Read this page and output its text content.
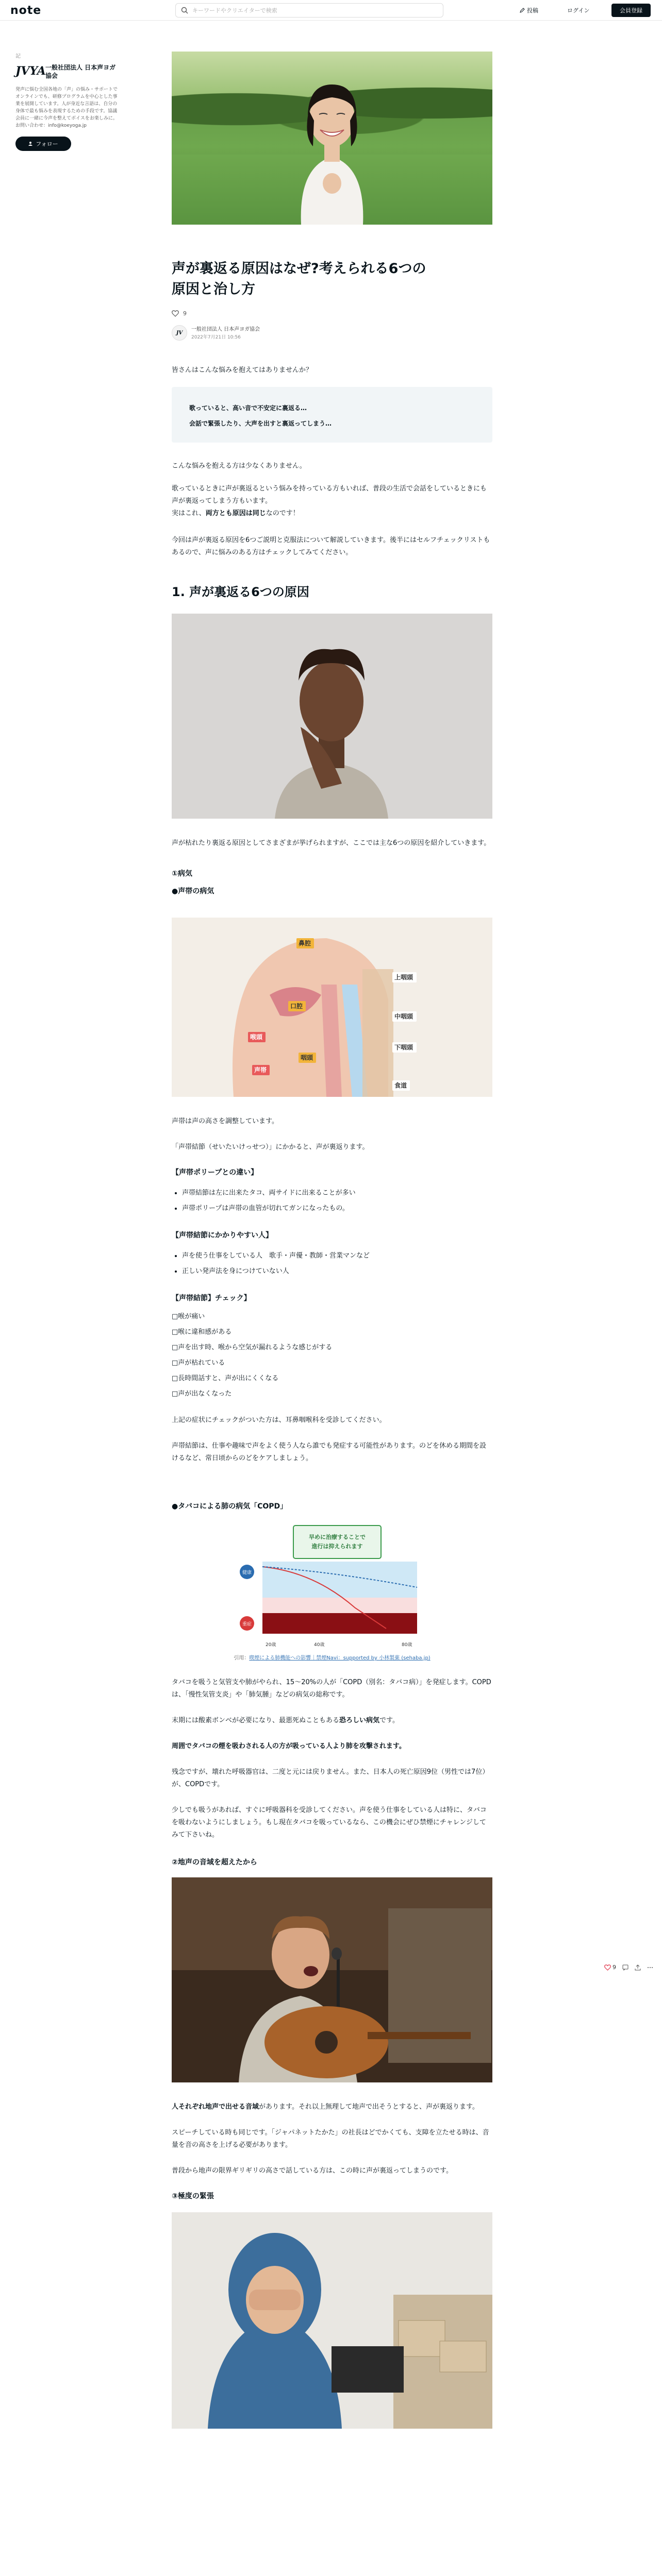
note
キーワードやクリエイターで検索	投稿	ログイン	会員登録
記
JVYA 一般社団法人 日本声ヨガ協会
発声に悩む全国各地の「声」の悩み・サポートでオンラインでも、研修プログラムを中心とした事業を展開しています。人が身近な言語は、自分の身体で最も悩みを表現するための手段です。協議会員に一緒に今声を整えてボイスをお楽しみに。お問い合わせ：info@koeyoga.jp
フォロー
声が裏返る原因はなぜ?考えられる6つの
原因と治し方
9
JV
一般社団法人 日本声ヨガ協会
2022年7月21日 10:56

皆さんはこんな悩みを抱えてはありませんか？

歌っていると、高い音で不安定に裏返る…
会話で緊張したり、大声を出すと裏返ってしまう…

こんな悩みを抱える方は少なくありません。

歌っているときに声が裏返るという悩みを持っている方もいれば、普段の生活で会話をしているときにも声が裏返ってしまう方もいます。

実はこれ、両方とも原因は同じなのです！

今回は声が裏返る原因を6つご説明と克服法について解説していきます。後半にはセルフチェックリストもあるので、声に悩みのある方はチェックしてみてください。

1. 声が裏返る6つの原因

声が枯れたり裏返る原因としてさまざまが挙げられますが、ここでは主な6つの原因を紹介していきます。

①病気
●声帯の病気
鼻腔
口腔
咽頭
喉頭
声帯
上咽頭
中咽頭
下咽頭
食道

声帯は声の高さを調整しています。

「声帯結節（せいたいけっせつ）」にかかると、声が裏返ります。

【声帯ポリープとの違い】
• 声帯結節は左に出来たタコ、両サイドに出来ることが多い
• 声帯ポリープは声帯の血管が切れてガンになったもの。
【声帯結節にかかりやすい人】
• 声を使う仕事をしている人　歌手・声優・教師・営業マンなど
• 正しい発声法を身につけていない人
【声帯結節】チェック】
□喉が痛い
□喉に違和感がある
□声を出す時、喉から空気が漏れるような感じがする
□声が枯れている
□長時間話すと、声が出にくくなる
□声が出なくなった

上記の症状にチェックがついた方は、耳鼻咽喉科を受診してください。

声帯結節は、仕事や趣味で声をよく使う人なら誰でも発症する可能性があります。のどを休める期間を設けるなど、常日頃からのどをケアしましょう。

●タバコによる肺の病気「COPD」
早めに治療することで
進行は抑えられます
健康
重症
20歳	40歳	80歳
引用：喫煙による肺機能への影響｜禁煙Navi：supported by 小林製薬 (sehaba.jp)

タバコを吸うと気管支や肺がやられ、15〜20%の人が「COPD（別名：タバコ病）」を発症します。COPDは、「慢性気管支炎」や「肺気腫」などの病気の総称です。

末期には酸素ボンベが必要になり、最悪死ぬこともある恐ろしい病気です。

周囲でタバコの煙を吸わされる人の方が吸っている人より肺を攻撃されます。

残念ですが、壊れた呼吸器官は、二度と元には戻りません。また、日本人の死亡原因9位（男性では7位）が、COPDです。

少しでも吸うがあれば、すぐに呼吸器科を受診してください。声を使う仕事をしている人は特に、タバコを吸わないようにしましょう。もし現在タバコを吸っているなら、この機会にぜひ禁煙にチャレンジしてみて下さいね。

②地声の音域を超えたから

人それぞれ地声で出せる音域があります。それ以上無理して地声で出そうとすると、声が裏返ります。

スピーチしている時も同じです。「ジャパネットたかた」の社長はどでかくても、支障を立たせる時は、音量を音の高さを上げる必要があります。

普段から地声の限界ギリギリの高さで話している方は、この時に声が裏返ってしまうのです。

③極度の緊張
9
